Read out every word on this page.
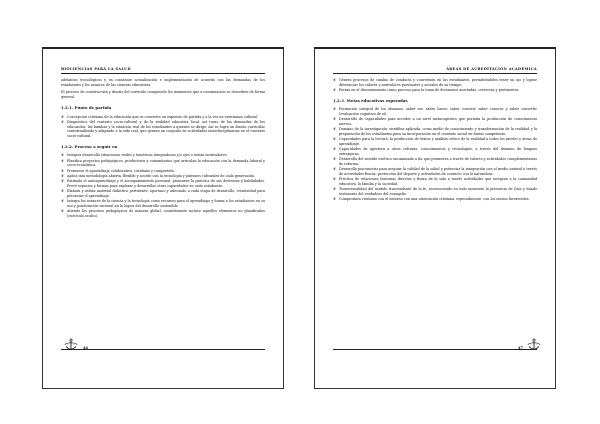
BIOCIENCIAS PARA LA SALUD

adelantos tecnológicos y en constante actualización e implementación de acuerdo con las demandas de los estudiantes y los avances de las ciencias educativas.

El proceso de construcción y diseño del currículo comprende los momentos que a continuación se describen de forma general.

1.2.1. Punto de partida
❦ Concepción cristiana de la educación que se convierte en expuesto de partida y a la vez en enseñanza cultural.
❦ Diagnóstico del contexto socio-cultural y de la realidad educativa local, así como de las demandas de los educandos, las familias y la situación real de los estudiantes a quienes se dirige. Así se logra un diseño curricular contextualizado y adaptado a la vida real, que genera un conjunto de actividades interdisciplinarias en el contexto socio-cultural.
1.2.2. Proceso a seguir en
❦ Integrar desarrollo situaciones reales y temáticas integradoras y/o ejes o temas motivadores.
❦ Planifica proyectos pedagógicos, productivos y comunitarios que articulan la educación con la demanda laboral y socio-económica.
❦ Promueve el aprendizaje colaborativo, cotidiano y compartido.
❦ Aplica una metodología abierta, flexible y acorde con la tecnología y patrones culturales de cada generación.
❦ Estimula el autoaprendizaje y el acompañamiento personal, promueve la práctica de sus destrezas y habilidades. Prevé espacios y formas para explorar y desarrollar otras capacidades en cada estudiante.
❦ Elabora y utiliza material didáctico pertinente, oportuno y adecuado a cada etapa de desarrollo, creatividad para potenciar el aprendizaje.
❦ Integra los avances de la ciencia y la tecnología como recursos para el aprendizaje y forma a los estudiantes en su uso y ponderación racional en la lógica del desarrollo sostenible.
❦ Atiende los procesos pedagógicos de manera global, considerando incluso aquellos elementos no planificados (currículo oculto).
46
ÁREAS DE ACREDITACIÓN ACADÉMICA
❦ Genera procesos de cambio de conducta y conversión en los estudiantes, permitiéndoles tener un ojo y lograr diferenciar los valores y antivalores personales y sociales de su tiempo.
❦ Forma en el discernimiento como proceso para la toma de decisiones acertadas, correctas y pertinentes.
1.2.3. Metas educativas esperadas
❦ Formación integral de los alumnos: saber ser, saber hacer, saber convivir, saber conocer y saber convertir (evaluación cognitiva de sí).
❦ Desarrollo de capacidades para acceder a un nivel metacognitivo que permita la producción de conocimiento nuevos.
❦ Dominio de la investigación científica aplicada, como medio de conocimiento y transformación de la realidad y la preparación de los estudiantes para su incorporación en el contexto social en forma competente.
❦ Capacidades para la lectura, la producción de textos y análisis crítico de la realidad a todos los niveles y áreas de aprendizaje.
❦ Capacidades de apertura a otras culturas, conocimientos y tecnologías, a través del dominio de lenguas extranjeras.
❦ Desarrollo del sentido estético encaminado a fin que promueva a través de valores y actividades complementarias de reforma.
❦ Desarrollo psicomotriz para mejorar la calidad de la salud y potenciar la integración con el medio natural a través de actividades físicas, protección del deporte y actividades de contacto con la naturaleza.
❦ Práctica de relaciones fraternas directas y fisura de la sala a través actividades que integran a la comunidad educativa, la familia y la sociedad.
❦ Transversalidad del sentido trascendente de la fe, reconociendo en todo momento la presencia de Dios y dando testimonio del verdadero del evangelio.
❦ Compromiso cristiano con el entorno con una orientación cristiana, especialmente, con los menos favorecidos.
47
